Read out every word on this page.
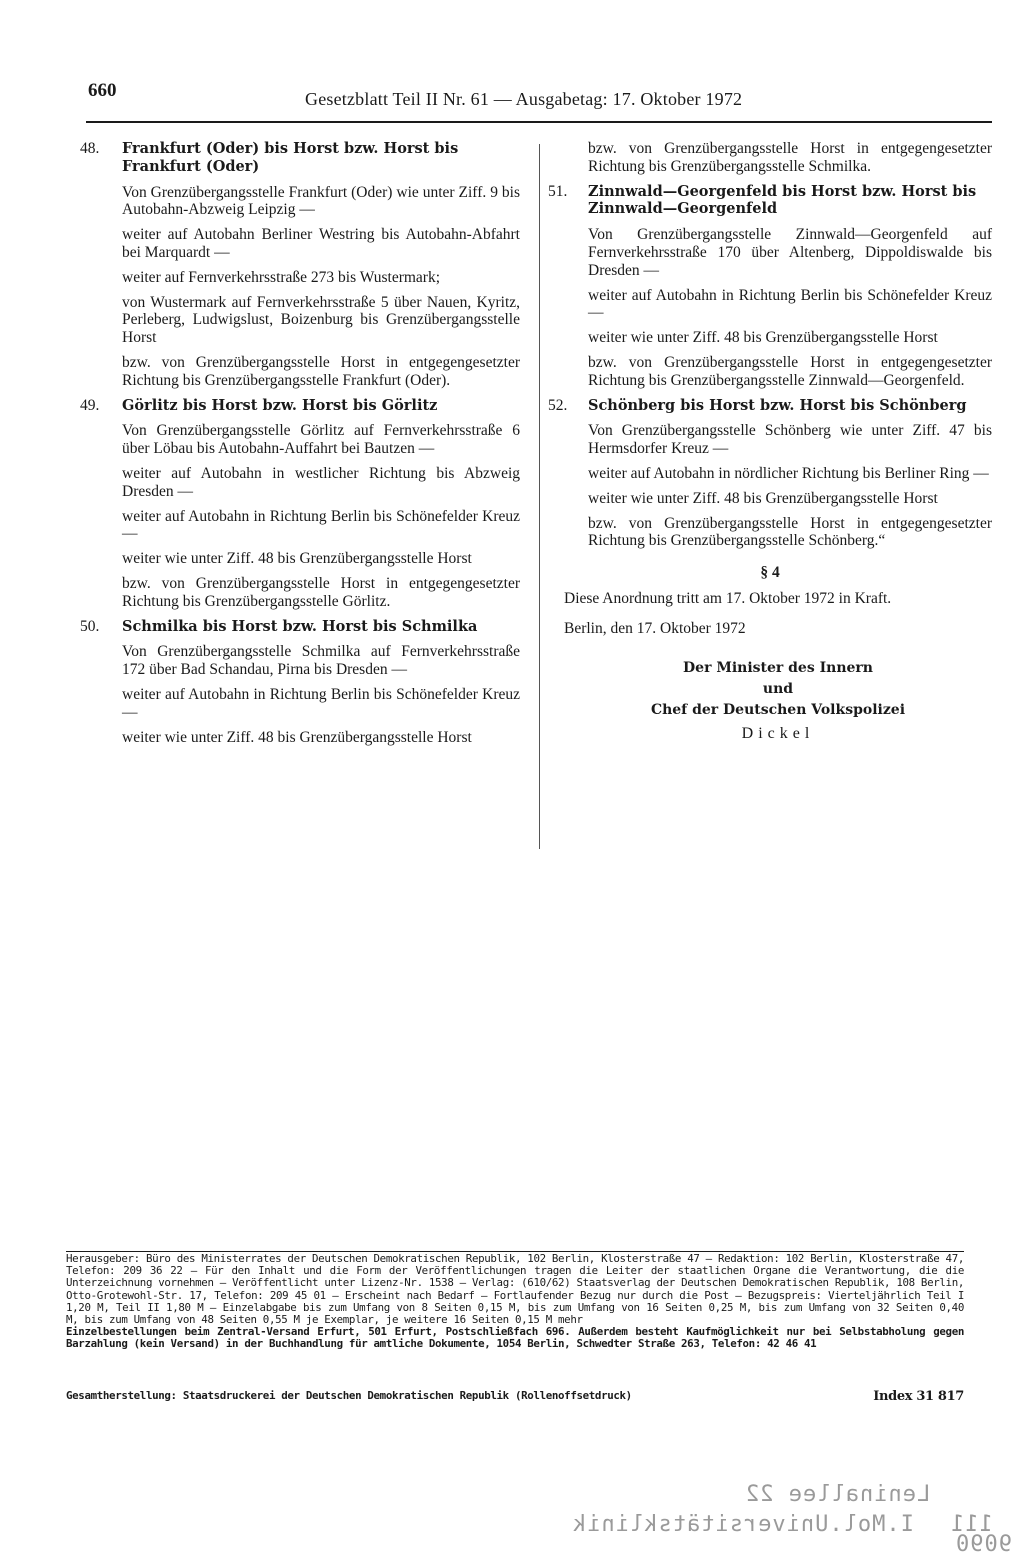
660	Gesetzblatt Teil II Nr. 61 — Ausgabetag: 17. Oktober 1972
48. Frankfurt (Oder) bis Horst bzw. Horst bis Frankfurt (Oder)

Von Grenzübergangsstelle Frankfurt (Oder) wie unter Ziff. 9 bis Autobahn-Abzweig Leipzig —

weiter auf Autobahn Berliner Westring bis Autobahn-Abfahrt bei Marquardt —

weiter auf Fernverkehrsstraße 273 bis Wustermark;

von Wustermark auf Fernverkehrsstraße 5 über Nauen, Kyritz, Perleberg, Ludwigslust, Boizenburg bis Grenzübergangsstelle Horst

bzw. von Grenzübergangsstelle Horst in entgegengesetzter Richtung bis Grenzübergangsstelle Frankfurt (Oder).

49. Görlitz bis Horst bzw. Horst bis Görlitz

Von Grenzübergangsstelle Görlitz auf Fernverkehrsstraße 6 über Löbau bis Autobahn-Auffahrt bei Bautzen —

weiter auf Autobahn in westlicher Richtung bis Abzweig Dresden —

weiter auf Autobahn in Richtung Berlin bis Schönefelder Kreuz —

weiter wie unter Ziff. 48 bis Grenzübergangsstelle Horst

bzw. von Grenzübergangsstelle Horst in entgegengesetzter Richtung bis Grenzübergangsstelle Görlitz.

50. Schmilka bis Horst bzw. Horst bis Schmilka

Von Grenzübergangsstelle Schmilka auf Fernverkehrsstraße 172 über Bad Schandau, Pirna bis Dresden —

weiter auf Autobahn in Richtung Berlin bis Schönefelder Kreuz —

weiter wie unter Ziff. 48 bis Grenzübergangsstelle Horst

bzw. von Grenzübergangsstelle Horst in entgegengesetzter Richtung bis Grenzübergangsstelle Schmilka.

51. Zinnwald—Georgenfeld bis Horst bzw. Horst bis Zinnwald—Georgenfeld

Von Grenzübergangsstelle Zinnwald—Georgenfeld auf Fernverkehrsstraße 170 über Altenberg, Dippoldiswalde bis Dresden —

weiter auf Autobahn in Richtung Berlin bis Schönefelder Kreuz —

weiter wie unter Ziff. 48 bis Grenzübergangsstelle Horst

bzw. von Grenzübergangsstelle Horst in entgegengesetzter Richtung bis Grenzübergangsstelle Zinnwald—Georgenfeld.

52. Schönberg bis Horst bzw. Horst bis Schönberg

Von Grenzübergangsstelle Schönberg wie unter Ziff. 47 bis Hermsdorfer Kreuz —

weiter auf Autobahn in nördlicher Richtung bis Berliner Ring —

weiter wie unter Ziff. 48 bis Grenzübergangsstelle Horst

bzw. von Grenzübergangsstelle Horst in entgegengesetzter Richtung bis Grenzübergangsstelle Schönberg.“

§ 4

Diese Anordnung tritt am 17. Oktober 1972 in Kraft.

Berlin, den 17. Oktober 1972

Der Minister des Innern
und
Chef der Deutschen Volkspolizei
Dickel

Herausgeber: Büro des Ministerrates der Deutschen Demokratischen Republik, 102 Berlin, Klosterstraße 47 — Redaktion: 102 Berlin, Klosterstraße 47, Telefon: 209 36 22 — Für den Inhalt und die Form der Veröffentlichungen tragen die Leiter der staatlichen Organe die Verantwortung, die die Unterzeichnung vornehmen — Veröffentlicht unter Lizenz-Nr. 1538 — Verlag: (610/62) Staatsverlag der Deutschen Demokratischen Republik, 108 Berlin, Otto-Grotewohl-Str. 17, Telefon: 209 45 01 — Erscheint nach Bedarf — Fortlaufender Bezug nur durch die Post — Bezugspreis: Vierteljährlich Teil I 1,20 M, Teil II 1,80 M — Einzelabgabe bis zum Umfang von 8 Seiten 0,15 M, bis zum Umfang von 16 Seiten 0,25 M, bis zum Umfang von 32 Seiten 0,40 M, bis zum Umfang von 48 Seiten 0,55 M je Exemplar, je weitere 16 Seiten 0,15 M mehr

Einzelbestellungen beim Zentral-Versand Erfurt, 501 Erfurt, Postschließfach 696. Außerdem besteht Kaufmöglichkeit nur bei Selbstabholung gegen Barzahlung (kein Versand) in der Buchhandlung für amtliche Dokumente, 1054 Berlin, Schwedter Straße 263, Telefon: 42 46 41

Gesamtherstellung: Staatsdruckerei der Deutschen Demokratischen Republik (Rollenoffsetdruck)	Index 31 817
Leninallee 22
I.Mol.Universitätsklinik 111
9090
